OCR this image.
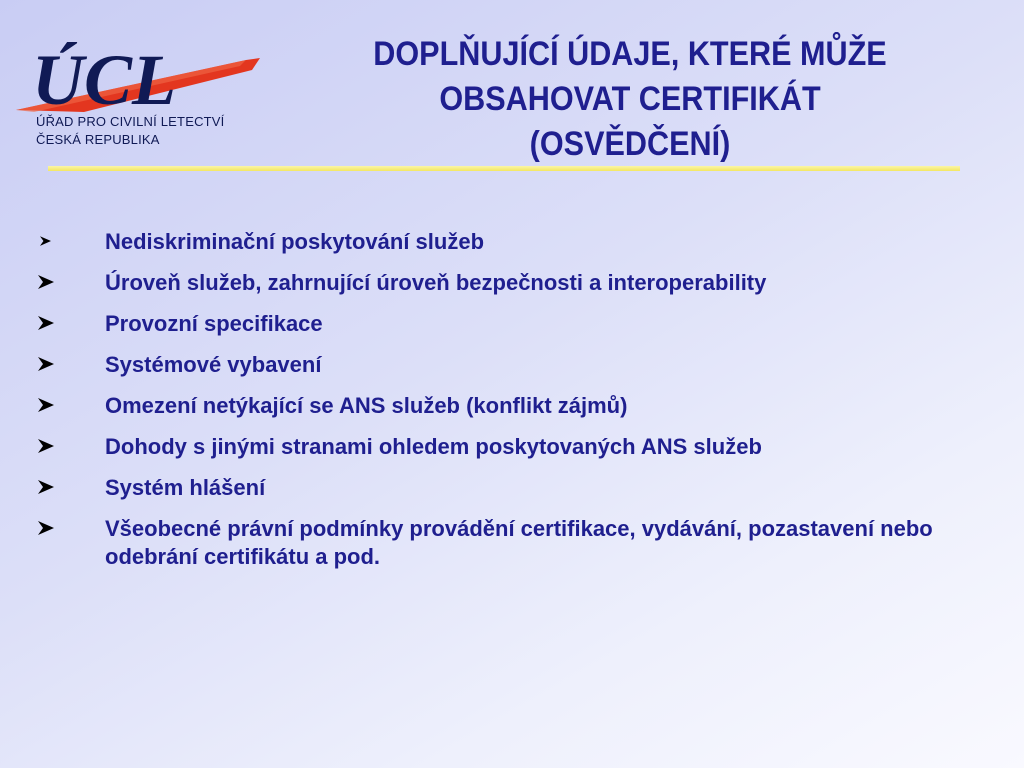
ÚCL
ÚŘAD PRO CIVILNÍ LETECTVÍ
ČESKÁ REPUBLIKA
DOPLŇUJÍCÍ ÚDAJE, KTERÉ MŮŽE
OBSAHOVAT CERTIFIKÁT
(OSVĚDČENÍ)
Nediskriminační poskytování služeb
Úroveň služeb, zahrnující úroveň bezpečnosti a interoperability
Provozní specifikace
Systémové vybavení
Omezení netýkající se ANS služeb (konflikt zájmů)
Dohody s jinými stranami ohledem poskytovaných ANS služeb
Systém hlášení
Všeobecné právní podmínky provádění certifikace, vydávání, pozastavení nebo odebrání certifikátu a pod.
